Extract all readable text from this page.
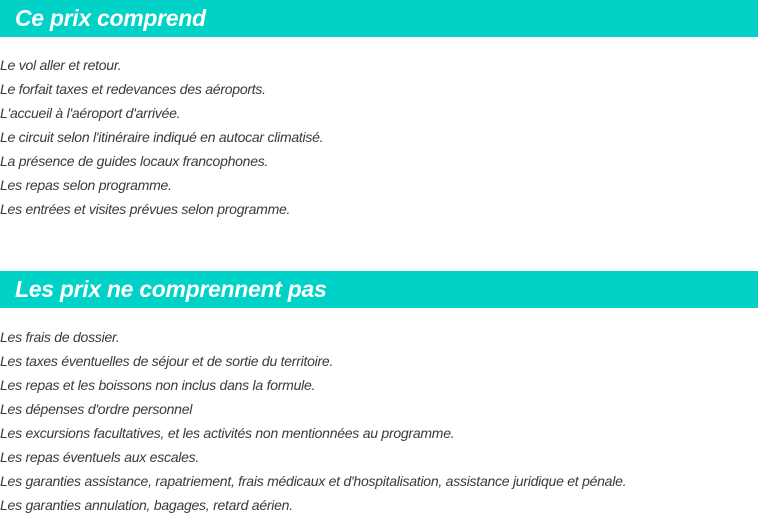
Ce prix comprend
Le vol aller et retour.
Le forfait taxes et redevances des aéroports.
L'accueil à l'aéroport d'arrivée.
Le circuit selon l'itinéraire indiqué en autocar climatisé.
La présence de guides locaux francophones.
Les repas selon programme.
Les entrées et visites prévues selon programme.
Les prix ne comprennent pas
Les frais de dossier.
Les taxes éventuelles de séjour et de sortie du territoire.
Les repas et les boissons non inclus dans la formule.
Les dépenses d'ordre personnel
Les excursions facultatives, et les activités non mentionnées au programme.
Les repas éventuels aux escales.
Les garanties assistance, rapatriement, frais médicaux et d'hospitalisation, assistance juridique et pénale.
Les garanties annulation, bagages, retard aérien.
